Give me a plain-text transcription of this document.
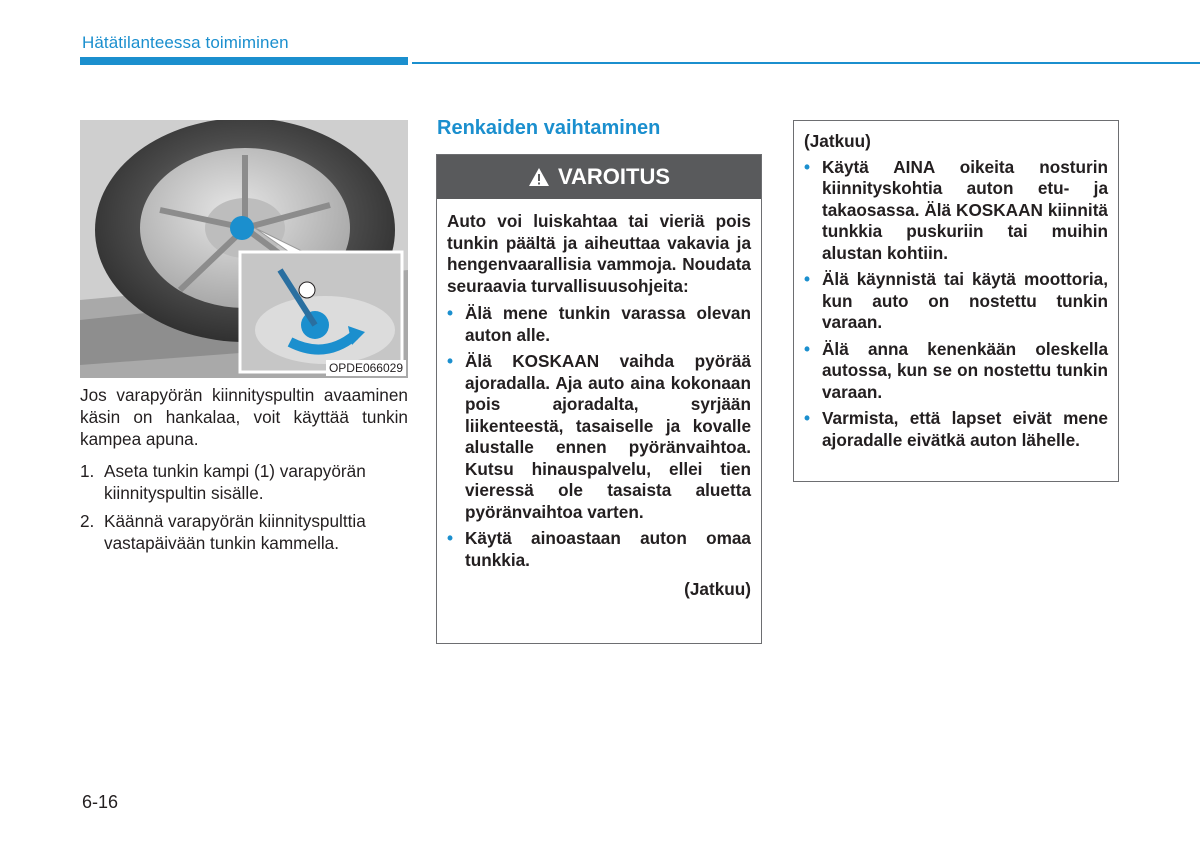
Hätätilanteessa toimiminen
OPDE066029

Jos varapyörän kiinnityspultin avaaminen käsin on hankalaa, voit käyttää tunkin kampea apuna.

1. Aseta tunkin kampi (1) varapyörän kiinnityspultin sisälle.
2. Käännä varapyörän kiinnityspulttia vastapäivään tunkin kammella.
Renkaiden vaihtaminen
VAROITUS

Auto voi luiskahtaa tai vieriä pois tunkin päältä ja aiheuttaa vakavia ja hengenvaarallisia vammoja. Noudata seuraavia turvallisuusohjeita:

• Älä mene tunkin varassa olevan auton alle.
• Älä KOSKAAN vaihda pyörää ajoradalla. Aja auto aina kokonaan pois ajoradalta, syrjään liikenteestä, tasaiselle ja kovalle alustalle ennen pyöränvaihtoa. Kutsu hinauspalvelu, ellei tien vieressä ole tasaista aluetta pyöränvaihtoa varten.
• Käytä ainoastaan auton omaa tunkkia.
(Jatkuu)
(Jatkuu)
• Käytä AINA oikeita nosturin kiinnityskohtia auton etu- ja takaosassa. Älä KOSKAAN kiinnitä tunkkia puskuriin tai muihin alustan kohtiin.
• Älä käynnistä tai käytä moottoria, kun auto on nostettu tunkin varaan.
• Älä anna kenenkään oleskella autossa, kun se on nostettu tunkin varaan.
• Varmista, että lapset eivät mene ajoradalle eivätkä auton lähelle.
6-16
